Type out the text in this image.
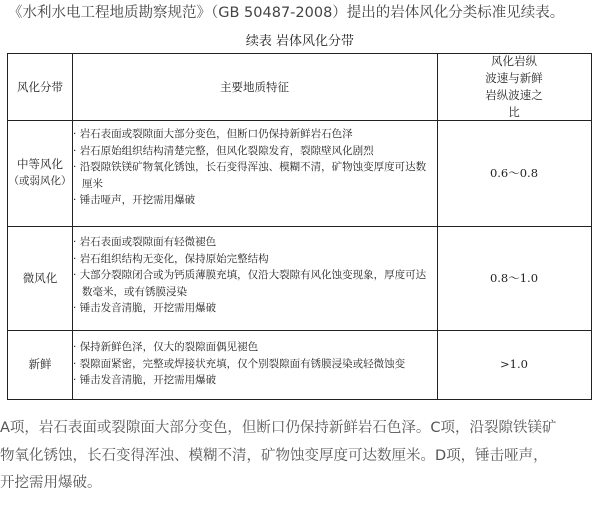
《水利水电工程地质勘察规范》（GB 50487-2008）提出的岩体风化分类标准见续表。
续表 岩体风化分带
风化分带	主要地质特征
风化岩纵
波速与新鲜
岩纵波速之
比
中等风化
（或弱风化）
· 岩石表面或裂隙面大部分变色，但断口仍保持新鲜岩石色泽
· 岩石原始组织结构清楚完整，但风化裂隙发育，裂隙壁风化剧烈
· 沿裂隙铁镁矿物氧化锈蚀，长石变得浑浊、模糊不清，矿物蚀变厚度可达数厘米
· 锤击哑声，开挖需用爆破
0.6～0.8
微风化
· 岩石表面或裂隙面有轻微褪色
· 岩石组织结构无变化，保持原始完整结构
· 大部分裂隙闭合或为钙质薄膜充填，仅沿大裂隙有风化蚀变现象，厚度可达数毫米，或有锈膜浸染
· 锤击发音清脆，开挖需用爆破
0.8～1.0
新鲜
· 保持新鲜色泽，仅大的裂隙面偶见褪色
· 裂隙面紧密，完整或焊接状充填，仅个别裂隙面有锈膜浸染或轻微蚀变
· 锤击发音清脆，开挖需用爆破
>1.0
A项，岩石表面或裂隙面大部分变色，但断口仍保持新鲜岩石色泽。C项，沿裂隙铁镁矿
物氧化锈蚀，长石变得浑浊、模糊不清，矿物蚀变厚度可达数厘米。D项，锤击哑声，
开挖需用爆破。
